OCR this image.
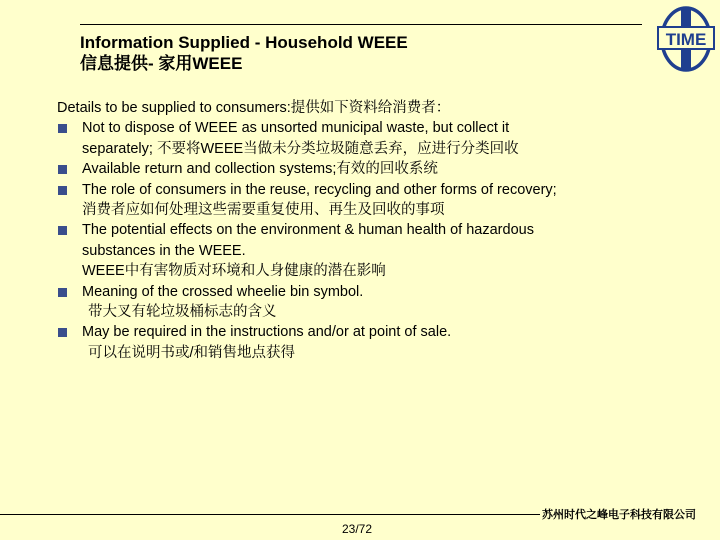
Information Supplied - Household WEEE
信息提供- 家用WEEE
TIME
Details to be supplied to consumers:提供如下资料给消费者：
Not to dispose of WEEE as unsorted municipal waste, but collect it
separately; 不要将WEEE当做未分类垃圾随意丢弃，应进行分类回收
Available return and collection systems;有效的回收系统
The role of consumers in the reuse, recycling and other forms of recovery;
消费者应如何处理这些需要重复使用、再生及回收的事项
The potential effects on the environment & human health of hazardous
substances in the WEEE.
WEEE中有害物质对环境和人身健康的潜在影响
Meaning of the crossed wheelie bin symbol.
带大叉有轮垃圾桶标志的含义
May be required in the instructions and/or at point of sale.
可以在说明书或/和销售地点获得
苏州时代之峰电子科技有限公司
23/72
